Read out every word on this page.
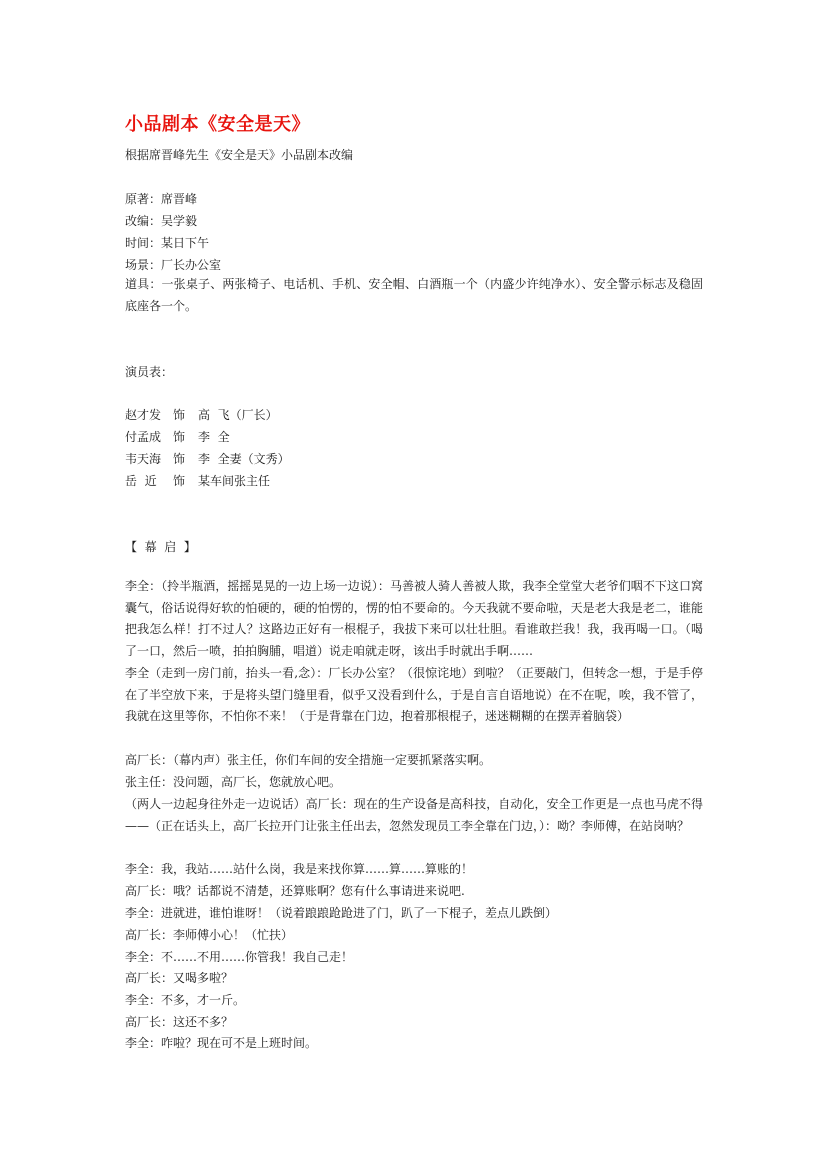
小品剧本《安全是天》
根据席晋峰先生《安全是天》小品剧本改编
原著：席晋峰
改编：吴学毅
时间：某日下午
场景：厂长办公室
道具：一张桌子、两张椅子、电话机、手机、安全帽、白酒瓶一个（内盛少许纯净水）、安全警示标志及稳固底座各一个。
演员表：
赵才发 饰 高  飞（厂长）
付孟成 饰 李  全
韦天海 饰 李  全妻（文秀）
岳  近 饰 某车间张主任
【  幕  启  】
李全：（拎半瓶酒，摇摇晃晃的一边上场一边说）：马善被人骑人善被人欺，我李全堂堂大老爷们咽不下这口窝囊气，俗话说得好软的怕硬的，硬的怕愣的，愣的怕不要命的。今天我就不要命啦，天是老大我是老二，谁能把我怎么样！打不过人？这路边正好有一根棍子，我拔下来可以壮壮胆。看谁敢拦我！我，我再喝一口。（喝了一口，然后一喷，拍拍胸脯，唱道）说走咱就走呀，该出手时就出手啊……
李全（走到一房门前，抬头一看,念）：厂长办公室？（很惊诧地）到啦？（正要敲门，但转念一想，于是手停在了半空放下来，于是将头望门缝里看，似乎又没看到什么，于是自言自语地说）在不在呢，唉，我不管了，我就在这里等你，不怕你不来！（于是背靠在门边，抱着那根棍子，迷迷糊糊的在摆弄着脑袋）
高厂长：（幕内声）张主任，你们车间的安全措施一定要抓紧落实啊。
张主任：没问题，高厂长，您就放心吧。
（两人一边起身往外走一边说话）高厂长：现在的生产设备是高科技，自动化，安全工作更是一点也马虎不得——（正在话头上，高厂长拉开门让张主任出去，忽然发现员工李全靠在门边，）：呦？李师傅，在站岗呐？
李全：我，我站……站什么岗，我是来找你算……算……算账的！
高厂长：哦？话都说不清楚，还算账啊？您有什么事请进来说吧.
李全：进就进，谁怕谁呀！（说着踉踉跄跄进了门，趴了一下棍子，差点儿跌倒）
高厂长：李师傅小心！（忙扶）
李全：不……不用……你管我！我自己走！
高厂长：又喝多啦？
李全：不多，才一斤。
高厂长：这还不多？
李全：咋啦？现在可不是上班时间。
